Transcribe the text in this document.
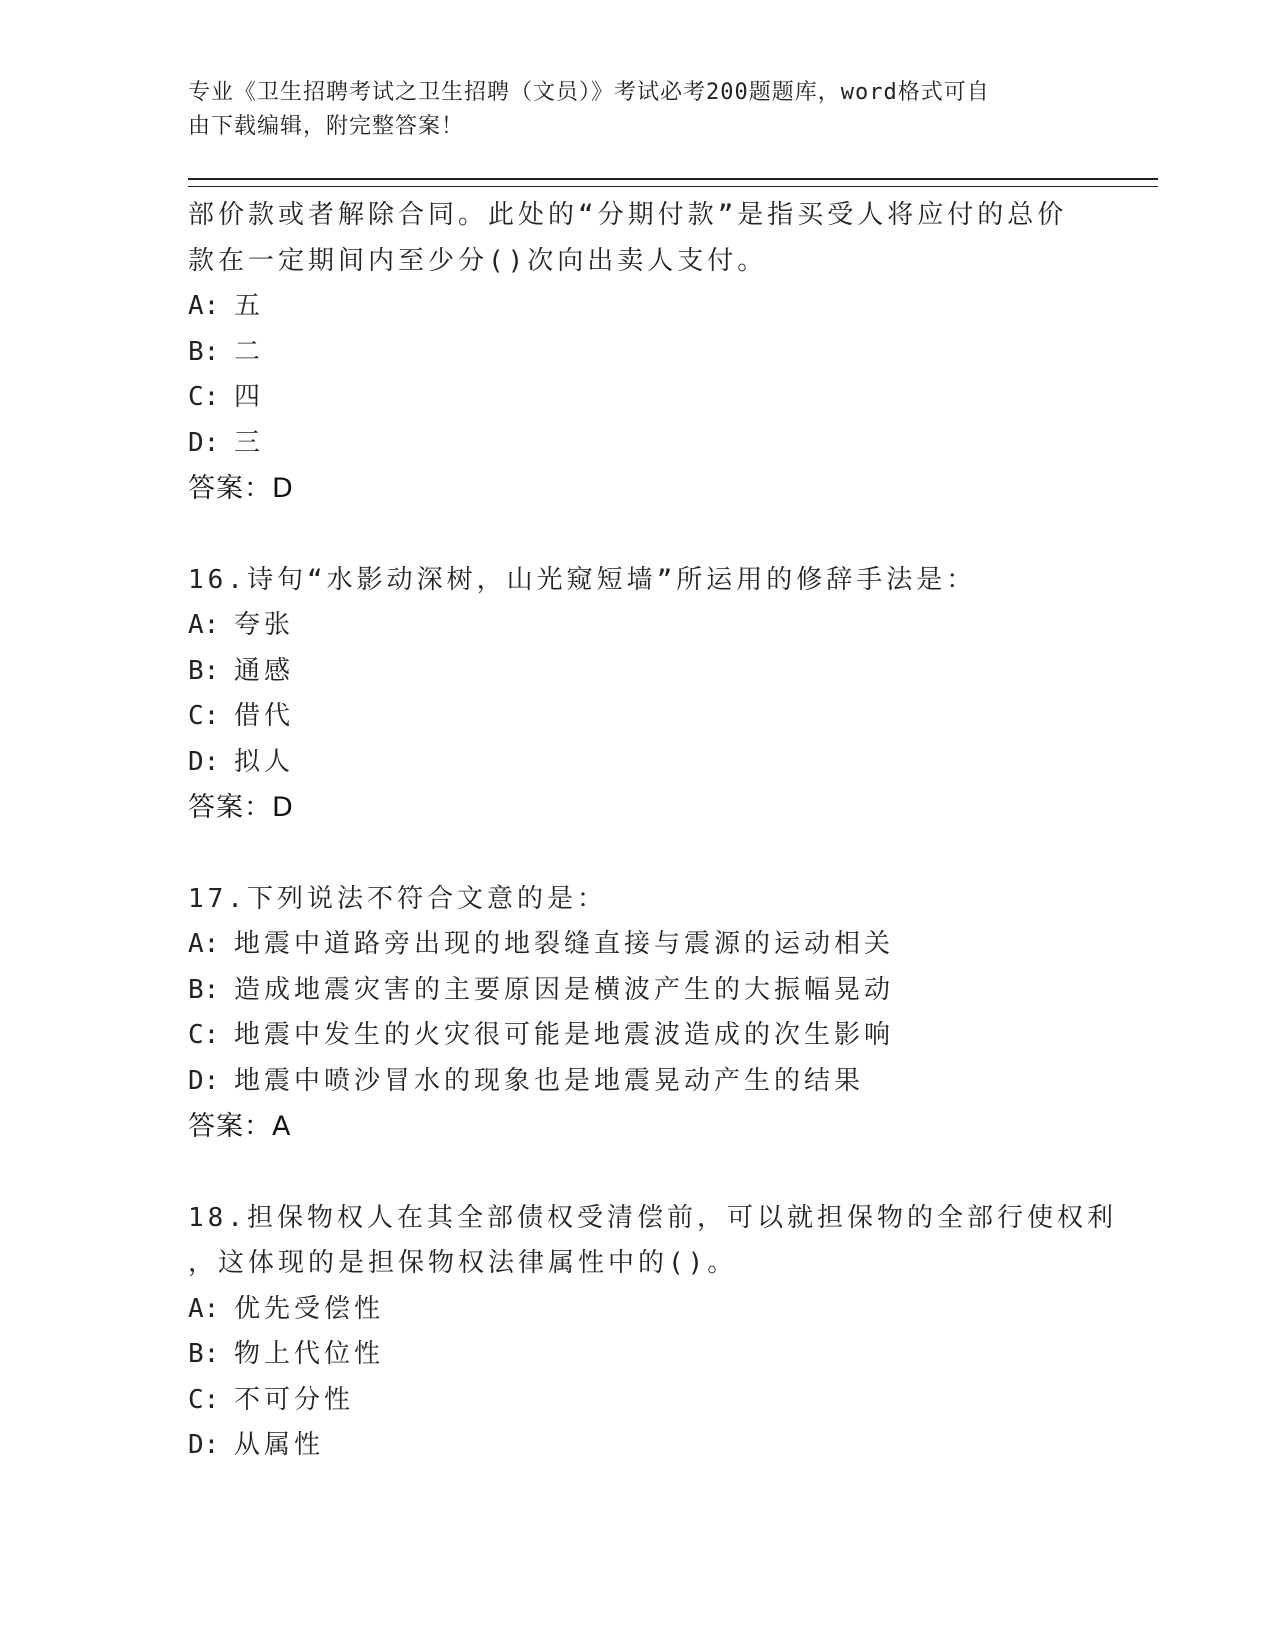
专业《卫生招聘考试之卫生招聘（文员）》考试必考200题题库，word格式可自
由下载编辑，附完整答案！
部价款或者解除合同。此处的“分期付款”是指买受人将应付的总价
款在一定期间内至少分()次向出卖人支付。
A: 五
B: 二
C: 四
D: 三
答案：D
16.诗句“水影动深树，山光窥短墙”所运用的修辞手法是：
A: 夸张
B: 通感
C: 借代
D: 拟人
答案：D
17.下列说法不符合文意的是：
A: 地震中道路旁出现的地裂缝直接与震源的运动相关
B: 造成地震灾害的主要原因是横波产生的大振幅晃动
C: 地震中发生的火灾很可能是地震波造成的次生影响
D: 地震中喷沙冒水的现象也是地震晃动产生的结果
答案：A
18.担保物权人在其全部债权受清偿前，可以就担保物的全部行使权利
，这体现的是担保物权法律属性中的()。
A: 优先受偿性
B: 物上代位性
C: 不可分性
D: 从属性
